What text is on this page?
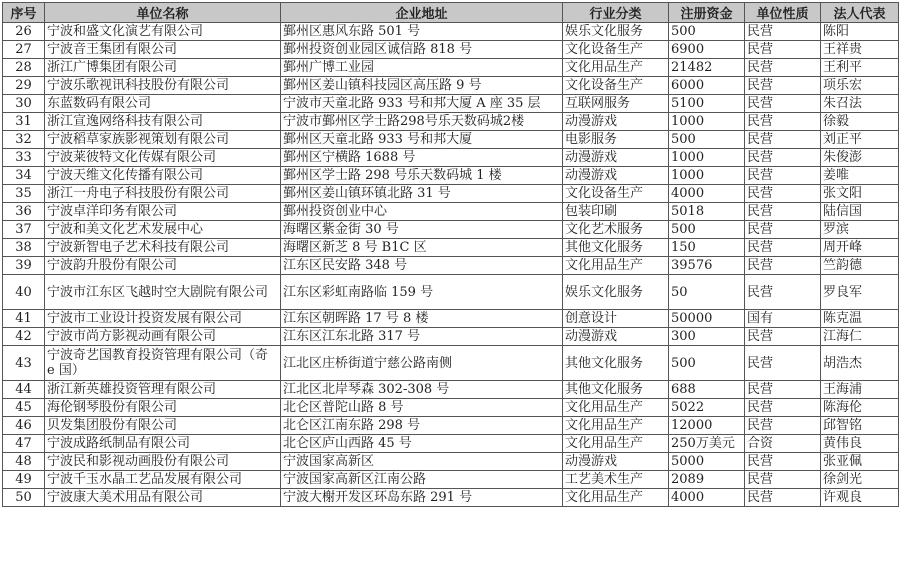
序号	单位名称	企业地址	行业分类	注册资金	单位性质	法人代表
26	宁波和盛文化演艺有限公司	鄞州区惠风东路 501 号	娱乐文化服务	500	民营	陈阳
27	宁波音王集团有限公司	鄞州投资创业园区诚信路 818 号	文化设备生产	6900	民营	王祥贵
28	浙江广博集团有限公司	鄞州广博工业园	文化用品生产	21482	民营	王利平
29	宁波乐歌视讯科技股份有限公司	鄞州区姜山镇科技园区高压路 9 号	文化设备生产	6000	民营	项乐宏
30	东蓝数码有限公司	宁波市天童北路 933 号和邦大厦 A 座 35 层	互联网服务	5100	民营	朱召法
31	浙江宣逸网络科技有限公司	宁波市鄞州区学士路298号乐天数码城2楼	动漫游戏	1000	民营	徐毅
32	宁波稻草家族影视策划有限公司	鄞州区天童北路 933 号和邦大厦	电影服务	500	民营	刘正平
33	宁波莱彼特文化传媒有限公司	鄞州区宁横路 1688 号	动漫游戏	1000	民营	朱俊澎
34	宁波天维文化传播有限公司	鄞州区学士路 298 号乐天数码城 1 楼	动漫游戏	1000	民营	姜唯
35	浙江一舟电子科技股份有限公司	鄞州区姜山镇环镇北路 31 号	文化设备生产	4000	民营	张文阳
36	宁波卓洋印务有限公司	鄞州投资创业中心	包装印刷	5018	民营	陆信国
37	宁波和美文化艺术发展中心	海曙区紫金街 30 号	文化艺术服务	500	民营	罗滨
38	宁波新智电子艺术科技有限公司	海曙区新芝 8 号 B1C 区	其他文化服务	150	民营	周开峰
39	宁波韵升股份有限公司	江东区民安路 348 号	文化用品生产	39576	民营	竺韵德
40	宁波市江东区飞越时空大剧院有限公司	江东区彩虹南路临 159 号	娱乐文化服务	50	民营	罗良军
41	宁波市工业设计投资发展有限公司	江东区朝晖路 17 号 8 楼	创意设计	50000	国有	陈克温
42	宁波市尚方影视动画有限公司	江东区江东北路 317 号	动漫游戏	300	民营	江海仁
43	宁波奇艺国教育投资管理有限公司（奇 e 国）	江北区庄桥街道宁慈公路南侧	其他文化服务	500	民营	胡浩杰
44	浙江新英雄投资管理有限公司	江北区北岸琴森 302-308 号	其他文化服务	688	民营	王海浦
45	海伦钢琴股份有限公司	北仑区普陀山路 8 号	文化用品生产	5022	民营	陈海伦
46	贝发集团股份有限公司	北仑区江南东路 298 号	文化用品生产	12000	民营	邱智铭
47	宁波成路纸制品有限公司	北仑区庐山西路 45 号	文化用品生产	250万美元	合资	黄伟良
48	宁波民和影视动画股份有限公司	宁波国家高新区	动漫游戏	5000	民营	张亚佩
49	宁波千玉水晶工艺品发展有限公司	宁波国家高新区江南公路	工艺美术生产	2089	民营	徐剑光
50	宁波康大美术用品有限公司	宁波大榭开发区环岛东路 291 号	文化用品生产	4000	民营	许观良
